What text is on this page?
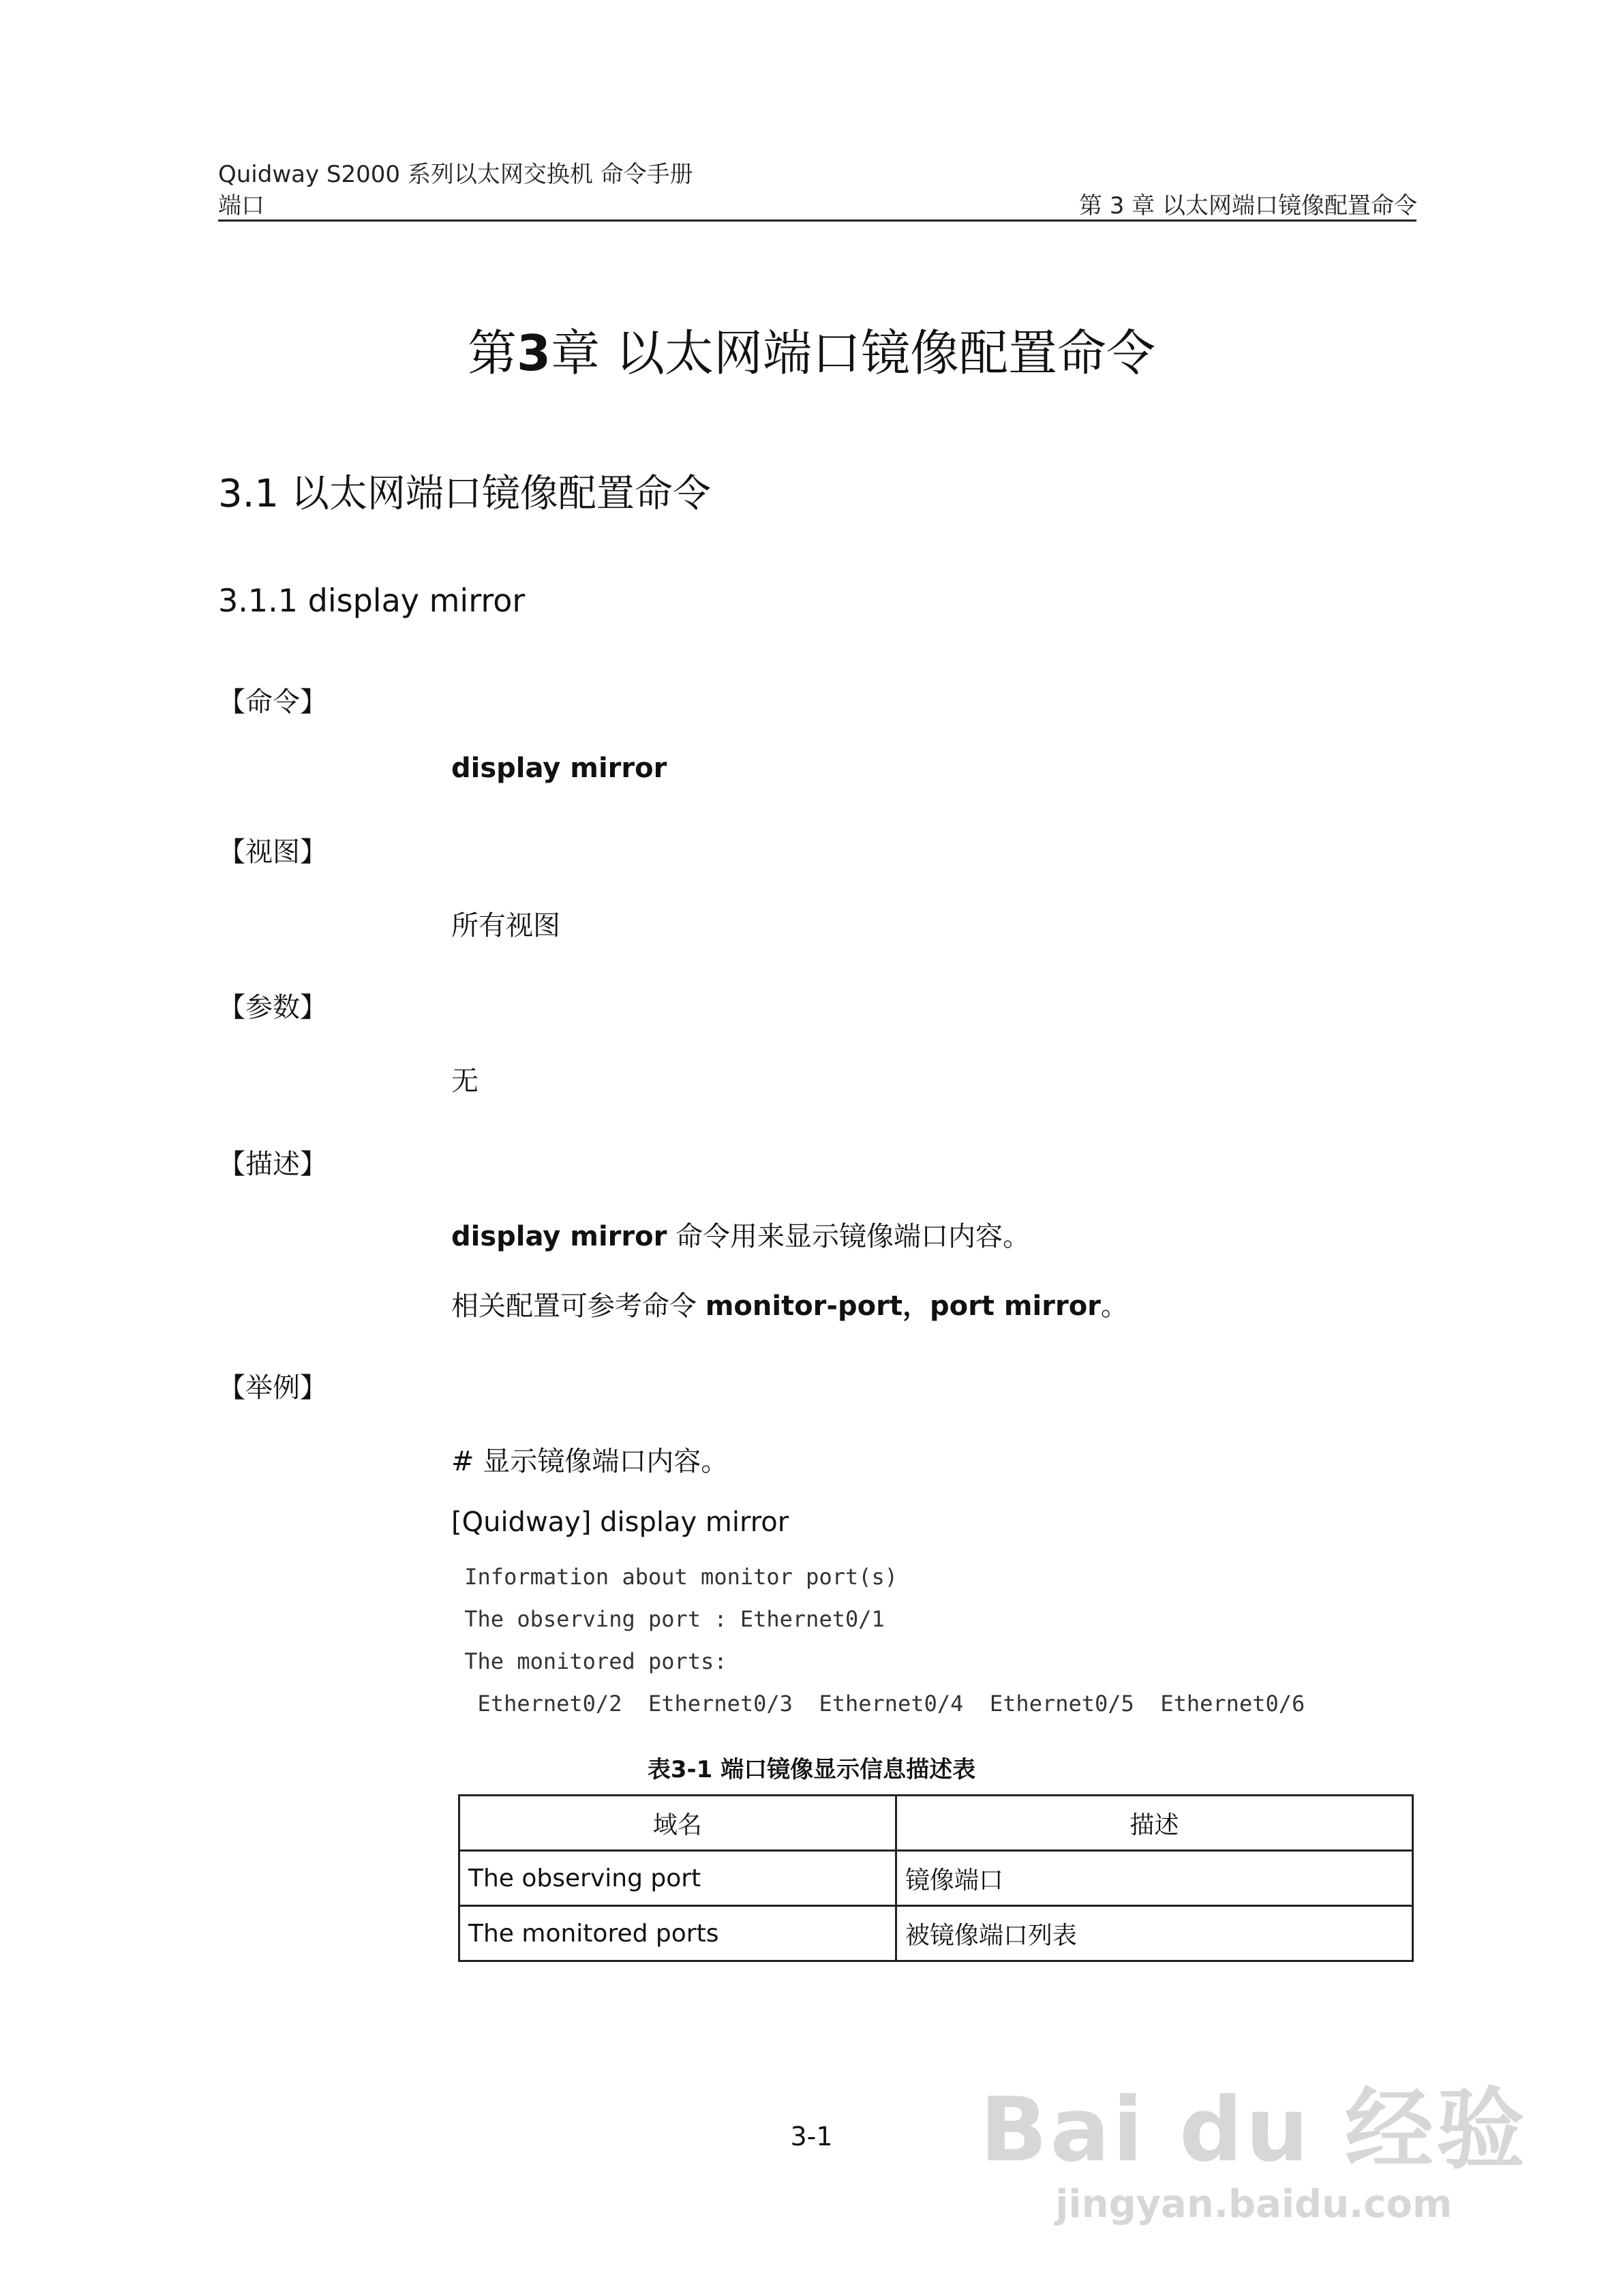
Quidway S2000 系列以太网交换机 命令手册
端口	第 3 章 以太网端口镜像配置命令
第3章 以太网端口镜像配置命令
3.1 以太网端口镜像配置命令
3.1.1 display mirror
【命令】
display mirror
【视图】
所有视图
【参数】
无
【描述】
display mirror 命令用来显示镜像端口内容。
相关配置可参考命令 monitor-port，port mirror。
【举例】
# 显示镜像端口内容。
[Quidway] display mirror
Information about monitor port(s)
The observing port : Ethernet0/1
The monitored ports:
Ethernet0/2  Ethernet0/3  Ethernet0/4  Ethernet0/5  Ethernet0/6
表3-1 端口镜像显示信息描述表
域名	描述
The observing port	镜像端口
The monitored ports	被镜像端口列表
3-1	Bai du 经验
jingyan.baidu.com
